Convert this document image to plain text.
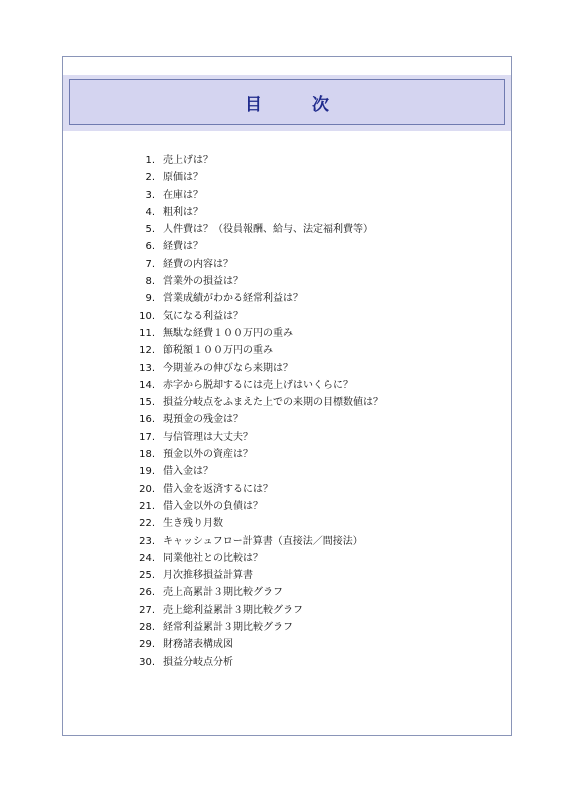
目 次
1. 売上げは？
2. 原価は？
3. 在庫は？
4. 粗利は？
5. 人件費は？（役員報酬、給与、法定福利費等）
6. 経費は？
7. 経費の内容は？
8. 営業外の損益は？
9. 営業成績がわかる経常利益は？
10. 気になる利益は？
11. 無駄な経費１００万円の重み
12. 節税額１００万円の重み
13. 今期並みの伸びなら来期は？
14. 赤字から脱却するには売上げはいくらに？
15. 損益分岐点をふまえた上での来期の目標数値は？
16. 現預金の残金は？
17. 与信管理は大丈夫？
18. 預金以外の資産は？
19. 借入金は？
20. 借入金を返済するには？
21. 借入金以外の負債は？
22. 生き残り月数
23. キャッシュフロー計算書（直接法／間接法）
24. 同業他社との比較は？
25. 月次推移損益計算書
26. 売上高累計３期比較グラフ
27. 売上総利益累計３期比較グラフ
28. 経常利益累計３期比較グラフ
29. 財務諸表構成図
30. 損益分岐点分析
